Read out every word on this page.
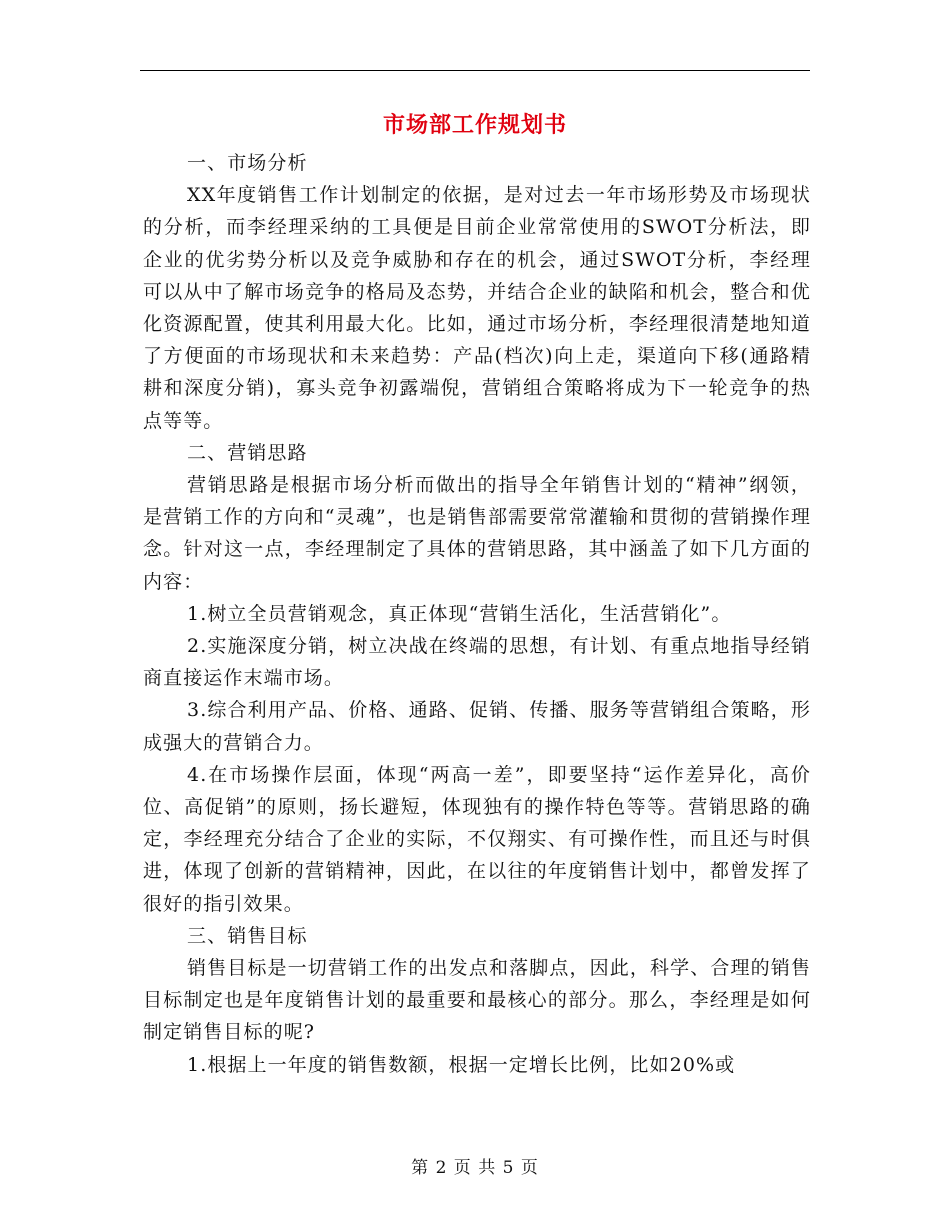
市场部工作规划书

一、市场分析

XX年度销售工作计划制定的依据，是对过去一年市场形势及市场现状的分析，而李经理采纳的工具便是目前企业常常使用的SWOT分析法，即企业的优劣势分析以及竞争威胁和存在的机会，通过SWOT分析，李经理可以从中了解市场竞争的格局及态势，并结合企业的缺陷和机会，整合和优化资源配置，使其利用最大化。比如，通过市场分析，李经理很清楚地知道了方便面的市场现状和未来趋势：产品(档次)向上走，渠道向下移(通路精耕和深度分销)，寡头竞争初露端倪，营销组合策略将成为下一轮竞争的热点等等。

二、营销思路

营销思路是根据市场分析而做出的指导全年销售计划的“精神”纲领，是营销工作的方向和“灵魂”，也是销售部需要常常灌输和贯彻的营销操作理念。针对这一点，李经理制定了具体的营销思路，其中涵盖了如下几方面的内容：

1.树立全员营销观念，真正体现“营销生活化，生活营销化”。

2.实施深度分销，树立决战在终端的思想，有计划、有重点地指导经销商直接运作末端市场。

3.综合利用产品、价格、通路、促销、传播、服务等营销组合策略，形成强大的营销合力。

4.在市场操作层面，体现“两高一差”，即要坚持“运作差异化，高价位、高促销”的原则，扬长避短，体现独有的操作特色等等。营销思路的确定，李经理充分结合了企业的实际，不仅翔实、有可操作性，而且还与时俱进，体现了创新的营销精神，因此，在以往的年度销售计划中，都曾发挥了很好的指引效果。

三、销售目标

销售目标是一切营销工作的出发点和落脚点，因此，科学、合理的销售目标制定也是年度销售计划的最重要和最核心的部分。那么，李经理是如何制定销售目标的呢?

1.根据上一年度的销售数额，根据一定增长比例，比如20%或

第 2 页 共 5 页
